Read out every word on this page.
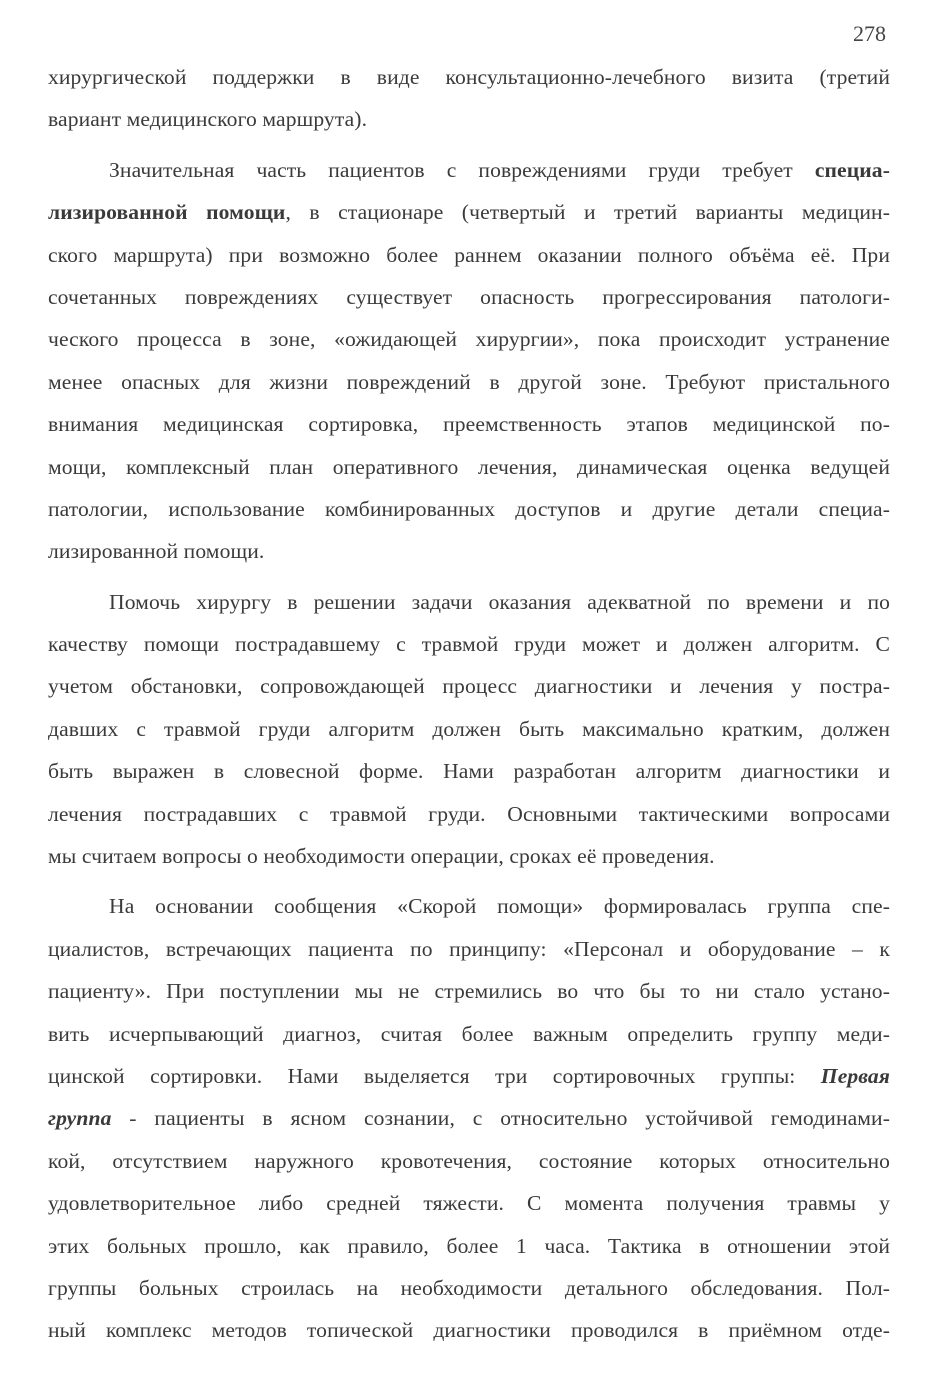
278
хирургической поддержки в виде консультационно-лечебного визита (третий
вариант медицинского маршрута).
Значительная часть пациентов с повреждениями груди требует специа-
лизированной помощи, в стационаре (четвертый и третий варианты медицин-
ского маршрута) при возможно более раннем оказании полного объёма её. При
сочетанных повреждениях существует опасность прогрессирования патологи-
ческого процесса в зоне, «ожидающей хирургии», пока происходит устранение
менее опасных для жизни повреждений в другой зоне. Требуют пристального
внимания медицинская сортировка, преемственность этапов медицинской по-
мощи, комплексный план оперативного лечения, динамическая оценка ведущей
патологии, использование комбинированных доступов и другие детали специа-
лизированной помощи.
Помочь хирургу в решении задачи оказания адекватной по времени и по
качеству помощи пострадавшему с травмой груди может и должен алгоритм. С
учетом обстановки, сопровождающей процесс диагностики и лечения у постра-
давших с травмой груди алгоритм должен быть максимально кратким, должен
быть выражен в словесной форме. Нами разработан алгоритм диагностики и
лечения пострадавших с травмой груди. Основными тактическими вопросами
мы считаем вопросы о необходимости операции, сроках её проведения.
На основании сообщения «Скорой помощи» формировалась группа спе-
циалистов, встречающих пациента по принципу: «Персонал и оборудование – к
пациенту». При поступлении мы не стремились во что бы то ни стало устано-
вить исчерпывающий диагноз, считая более важным определить группу меди-
цинской сортировки. Нами выделяется три сортировочных группы: Первая
группа - пациенты в ясном сознании, с относительно устойчивой гемодинами-
кой, отсутствием наружного кровотечения, состояние которых относительно
удовлетворительное либо средней тяжести. С момента получения травмы у
этих больных прошло, как правило, более 1 часа. Тактика в отношении этой
группы больных строилась на необходимости детального обследования. Пол-
ный комплекс методов топической диагностики проводился в приёмном отде-
